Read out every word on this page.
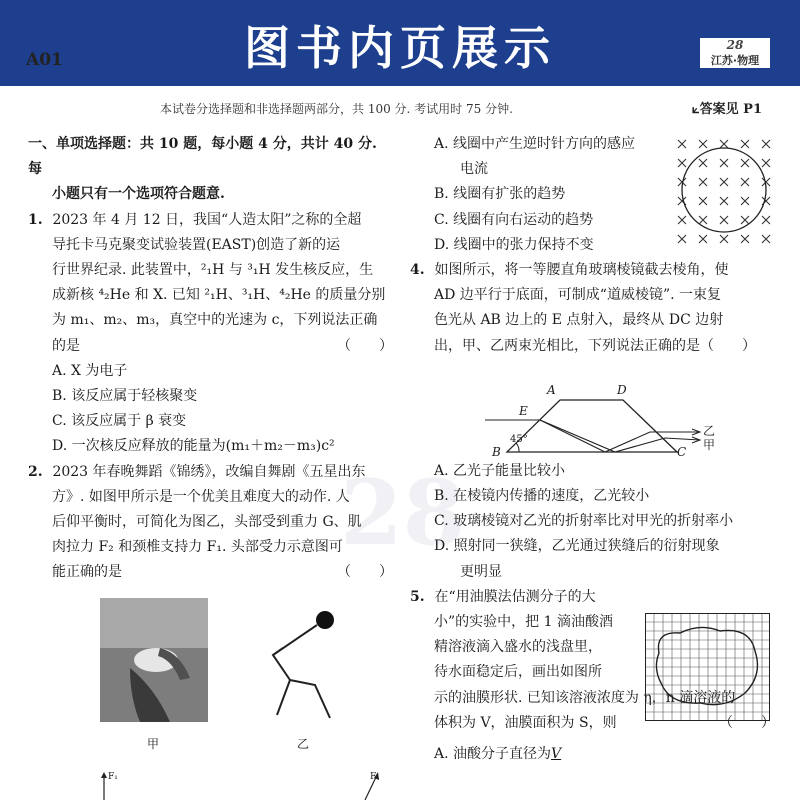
图书内页展示
A01
28
江苏·物理
本试卷分选择题和非选择题两部分，共 100 分. 考试用时 75 分钟.	⟀答案见 P1
28

一、单项选择题：共 10 题，每小题 4 分，共计 40 分. 每

小题只有一个选项符合题意.

1. 2023 年 4 月 12 日，我国“人造太阳”之称的全超

导托卡马克聚变试验装置(EAST)创造了新的运

行世界纪录. 此装置中，²₁H 与 ³₁H 发生核反应，生

成新核 ⁴₂He 和 X. 已知 ²₁H、³₁H、⁴₂He 的质量分别

为 m₁、m₂、m₃，真空中的光速为 c，下列说法正确

的是	（　　）

A. X 为电子

B. 该反应属于轻核聚变

C. 该反应属于 β 衰变

D. 一次核反应释放的能量为(m₁＋m₂－m₃)c²

2. 2023 年春晚舞蹈《锦绣》，改编自舞剧《五星出东

方》. 如图甲所示是一个优美且难度大的动作. 人

后仰平衡时，可简化为图乙，头部受到重力 G、肌

肉拉力 F₂ 和颈椎支持力 F₁. 头部受力示意图可

能正确的是	（　　）

甲	乙
F₁	F₁

A. 线圈中产生逆时针方向的感应

电流

B. 线圈有扩张的趋势

C. 线圈有向右运动的趋势

D. 线圈中的张力保持不变

4. 如图所示，将一等腰直角玻璃棱镜截去棱角，使

AD 边平行于底面，可制成“道威棱镜”. 一束复

色光从 AB 边上的 E 点射入，最终从 DC 边射

出，甲、乙两束光相比，下列说法正确的是（　　）

A. 乙光子能量比较小

B. 在棱镜内传播的速度，乙光较小

C. 玻璃棱镜对乙光的折射率比对甲光的折射率小

D. 照射同一狭缝，乙光通过狭缝后的衍射现象

更明显

5. 在“用油膜法估测分子的大

小”的实验中，把 1 滴油酸酒

精溶液滴入盛水的浅盘里，

待水面稳定后，画出如图所

示的油膜形状. 已知该溶液浓度为 η，n 滴溶液的

体积为 V，油膜面积为 S，则	（　　）

A. 油酸分子直径为V

A	D
E
B	C
45°
乙
甲
